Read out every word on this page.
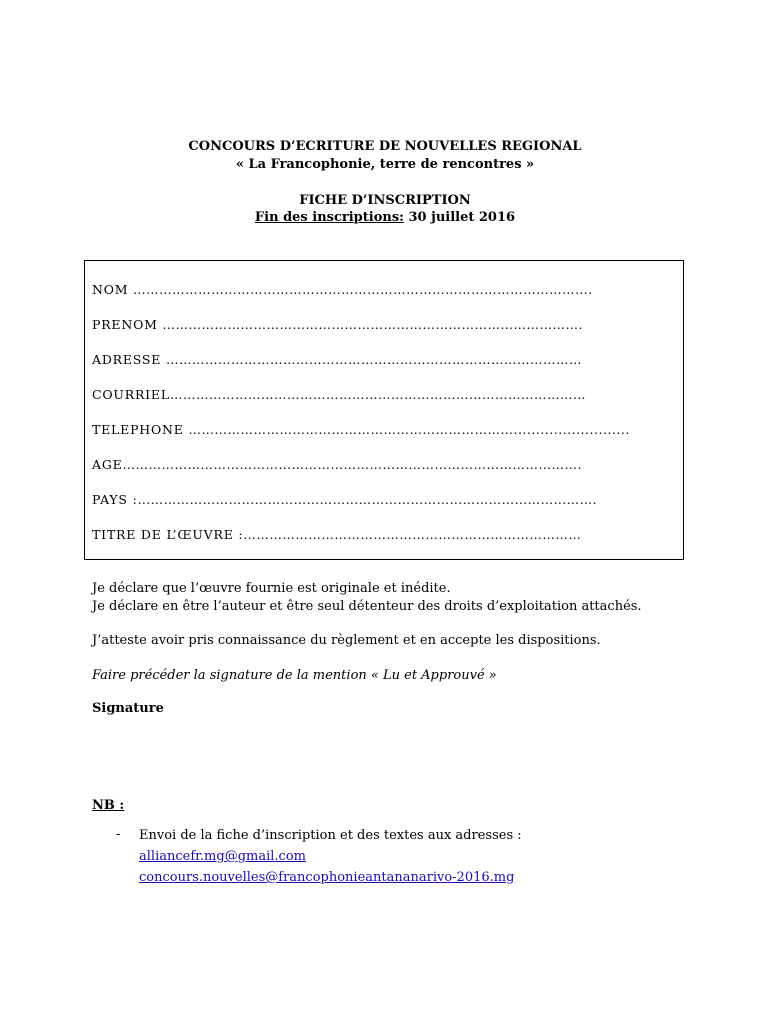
CONCOURS D’ECRITURE DE NOUVELLES REGIONAL
« La Francophonie, terre de rencontres »
FICHE D’INSCRIPTION
Fin des inscriptions: 30 juillet 2016
NOM …………………………………………………………………………………………….
PRENOM …………………………………………………………………………………….
ADRESSE ……………………………………………………………………………………
COURRIEL……………………………………………………………………………………
TELEPHONE …………………………………………………………………..........................
AGE…………………………………………………………………………………………….
PAYS :…………………………………………………………………………………………….
TITRE DE L’ŒUVRE :……………………………………………………………………
Je déclare que l’œuvre fournie est originale et inédite.
Je déclare en être l’auteur et être seul détenteur des droits d’exploitation attachés.
J’atteste avoir pris connaissance du règlement et en accepte les dispositions.
Faire précéder la signature de la mention « Lu et Approuvé »
Signature
NB :
- Envoi de la fiche d’inscription et des textes aux adresses :
alliancefr.mg@gmail.com
concours.nouvelles@francophonieantananarivo-2016.mg
